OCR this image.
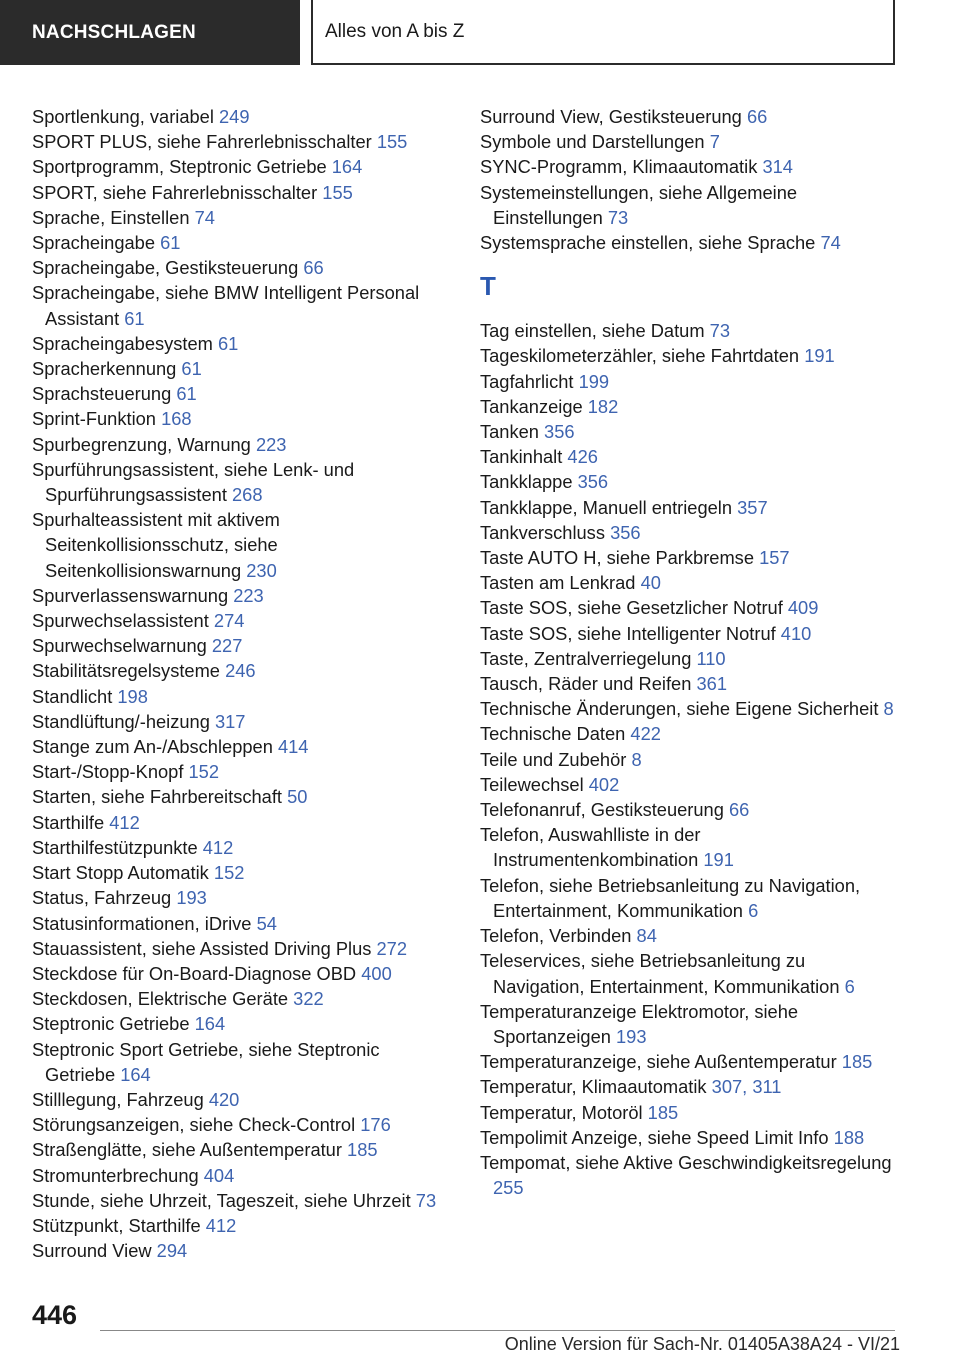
NACHSCHLAGEN	Alles von A bis Z
Sportlenkung, variabel 249
SPORT PLUS, siehe Fahrerlebnisschalter 155
Sportprogramm, Steptronic Getriebe 164
SPORT, siehe Fahrerlebnisschalter 155
Sprache, Einstellen 74
Spracheingabe 61
Spracheingabe, Gestiksteuerung 66
Spracheingabe, siehe BMW Intelligent Personal Assistant 61
Spracheingabesystem 61
Spracherkennung 61
Sprachsteuerung 61
Sprint-Funktion 168
Spurbegrenzung, Warnung 223
Spurführungsassistent, siehe Lenk- und Spurführungsassistent 268
Spurhalteassistent mit aktivem Seitenkollisionsschutz, siehe Seitenkollisionswarnung 230
Spurverlassenswarnung 223
Spurwechselassistent 274
Spurwechselwarnung 227
Stabilitätsregelsysteme 246
Standlicht 198
Standlüftung/-heizung 317
Stange zum An-/Abschleppen 414
Start-/Stopp-Knopf 152
Starten, siehe Fahrbereitschaft 50
Starthilfe 412
Starthilfestützpunkte 412
Start Stopp Automatik 152
Status, Fahrzeug 193
Statusinformationen, iDrive 54
Stauassistent, siehe Assisted Driving Plus 272
Steckdose für On-Board-Diagnose OBD 400
Steckdosen, Elektrische Geräte 322
Steptronic Getriebe 164
Steptronic Sport Getriebe, siehe Steptronic Getriebe 164
Stilllegung, Fahrzeug 420
Störungsanzeigen, siehe Check-Control 176
Straßenglätte, siehe Außentemperatur 185
Stromunterbrechung 404
Stunde, siehe Uhrzeit, Tageszeit, siehe Uhrzeit 73
Stützpunkt, Starthilfe 412
Surround View 294
Surround View, Gestiksteuerung 66
Symbole und Darstellungen 7
SYNC-Programm, Klimaautomatik 314
Systemeinstellungen, siehe Allgemeine Einstellungen 73
Systemsprache einstellen, siehe Sprache 74
T
Tag einstellen, siehe Datum 73
Tageskilometerzähler, siehe Fahrtdaten 191
Tagfahrlicht 199
Tankanzeige 182
Tanken 356
Tankinhalt 426
Tankklappe 356
Tankklappe, Manuell entriegeln 357
Tankverschluss 356
Taste AUTO H, siehe Parkbremse 157
Tasten am Lenkrad 40
Taste SOS, siehe Gesetzlicher Notruf 409
Taste SOS, siehe Intelligenter Notruf 410
Taste, Zentralverriegelung 110
Tausch, Räder und Reifen 361
Technische Änderungen, siehe Eigene Sicherheit 8
Technische Daten 422
Teile und Zubehör 8
Teilewechsel 402
Telefonanruf, Gestiksteuerung 66
Telefon, Auswahlliste in der Instrumentenkombination 191
Telefon, siehe Betriebsanleitung zu Navigation, Entertainment, Kommunikation 6
Telefon, Verbinden 84
Teleservices, siehe Betriebsanleitung zu Navigation, Entertainment, Kommunikation 6
Temperaturanzeige Elektromotor, siehe Sportanzeigen 193
Temperaturanzeige, siehe Außentemperatur 185
Temperatur, Klimaautomatik 307, 311
Temperatur, Motoröl 185
Tempolimit Anzeige, siehe Speed Limit Info 188
Tempomat, siehe Aktive Geschwindigkeitsregelung 255
446
Online Version für Sach-Nr. 01405A38A24 - VI/21
